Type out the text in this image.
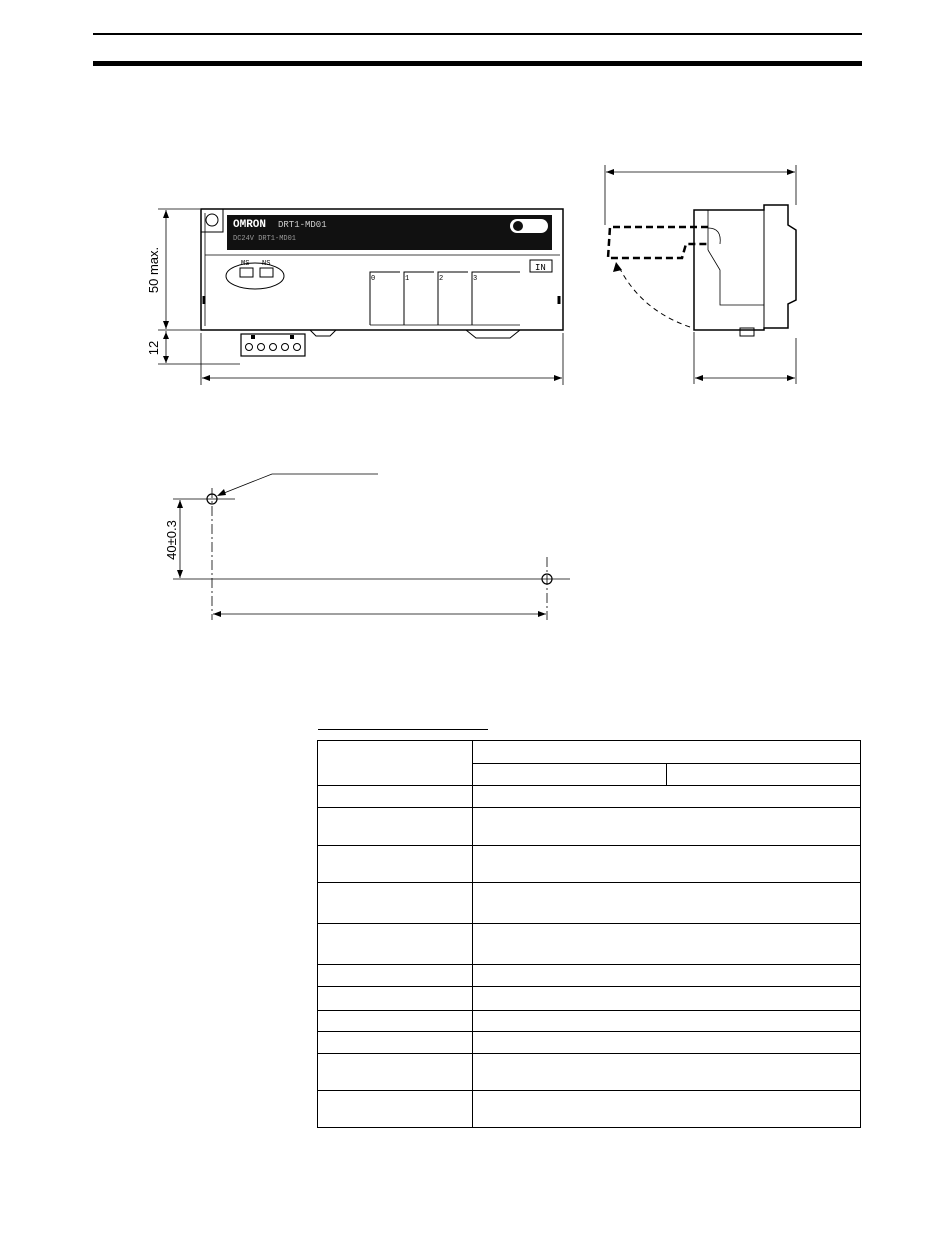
OMRON DRT1-MD01
DC24V DRT1-MD01
MS NS
0	1	2	3
IN
50 max.
12
40±0.3
